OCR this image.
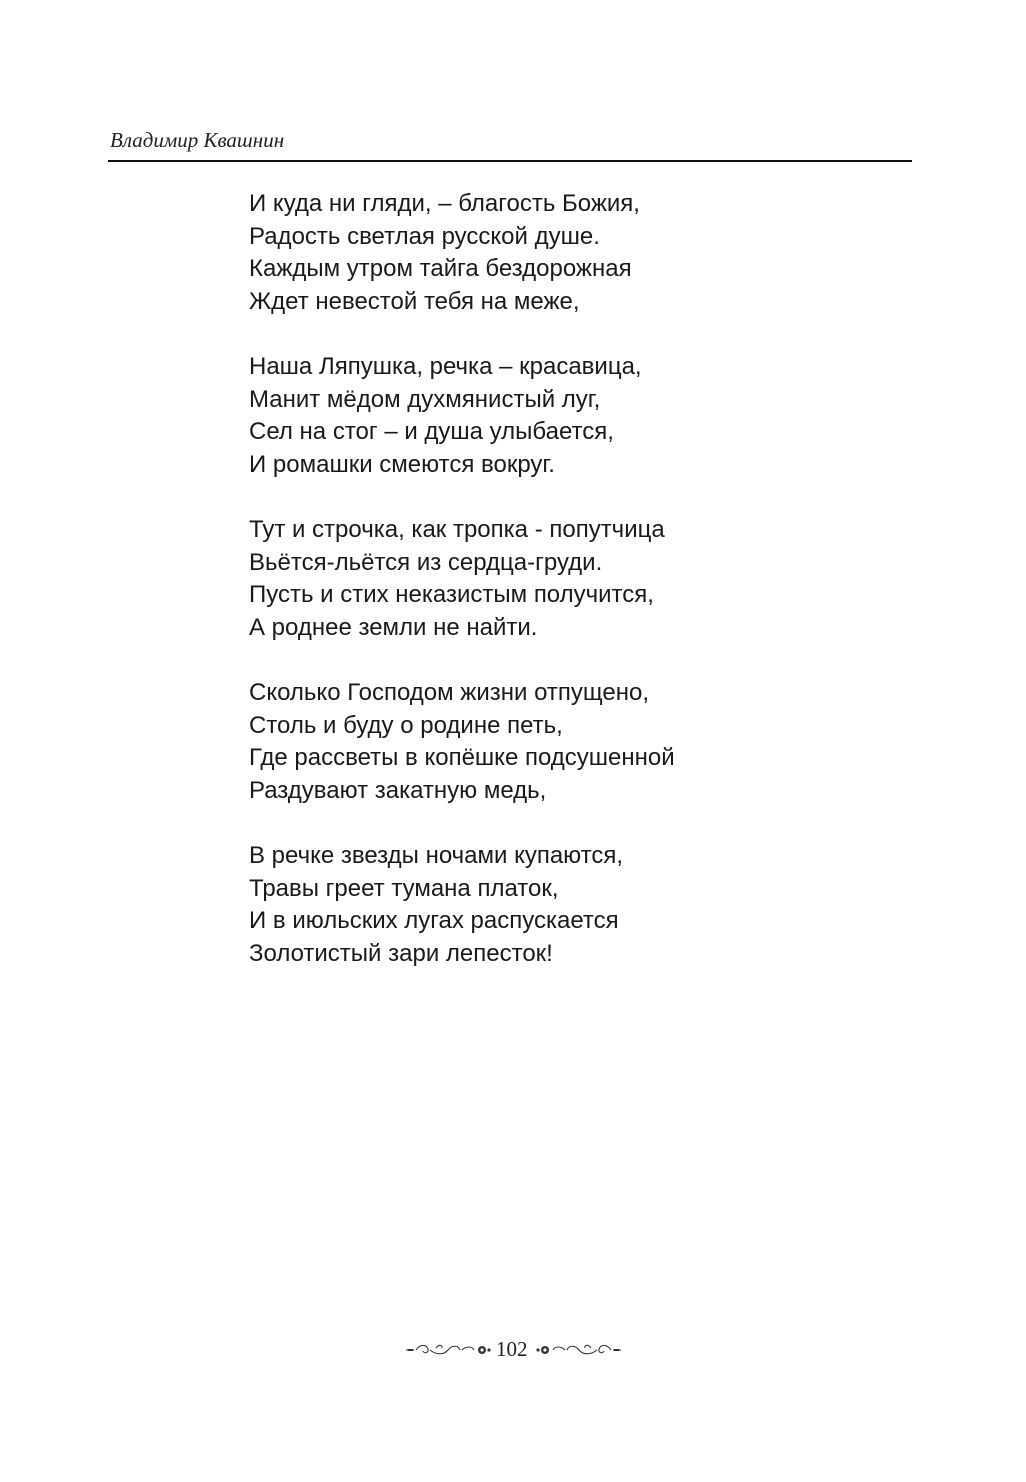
Владимир Квашнин
И куда ни гляди, – благость Божия,
Радость светлая русской душе.
Каждым утром тайга бездорожная
Ждет невестой тебя на меже,
Наша Ляпушка, речка – красавица,
Манит мёдом духмянистый луг,
Сел на стог – и душа улыбается,
И ромашки смеются вокруг.
Тут и строчка, как тропка - попутчица
Вьётся-льётся из сердца-груди.
Пусть и стих неказистым получится,
А роднее земли не найти.
Сколько Господом жизни отпущено,
Столь и буду о родине петь,
Где рассветы в копёшке подсушенной
Раздувают закатную медь,
В речке звезды ночами купаются,
Травы греет тумана платок,
И в июльских лугах распускается
Золотистый зари лепесток!
102
